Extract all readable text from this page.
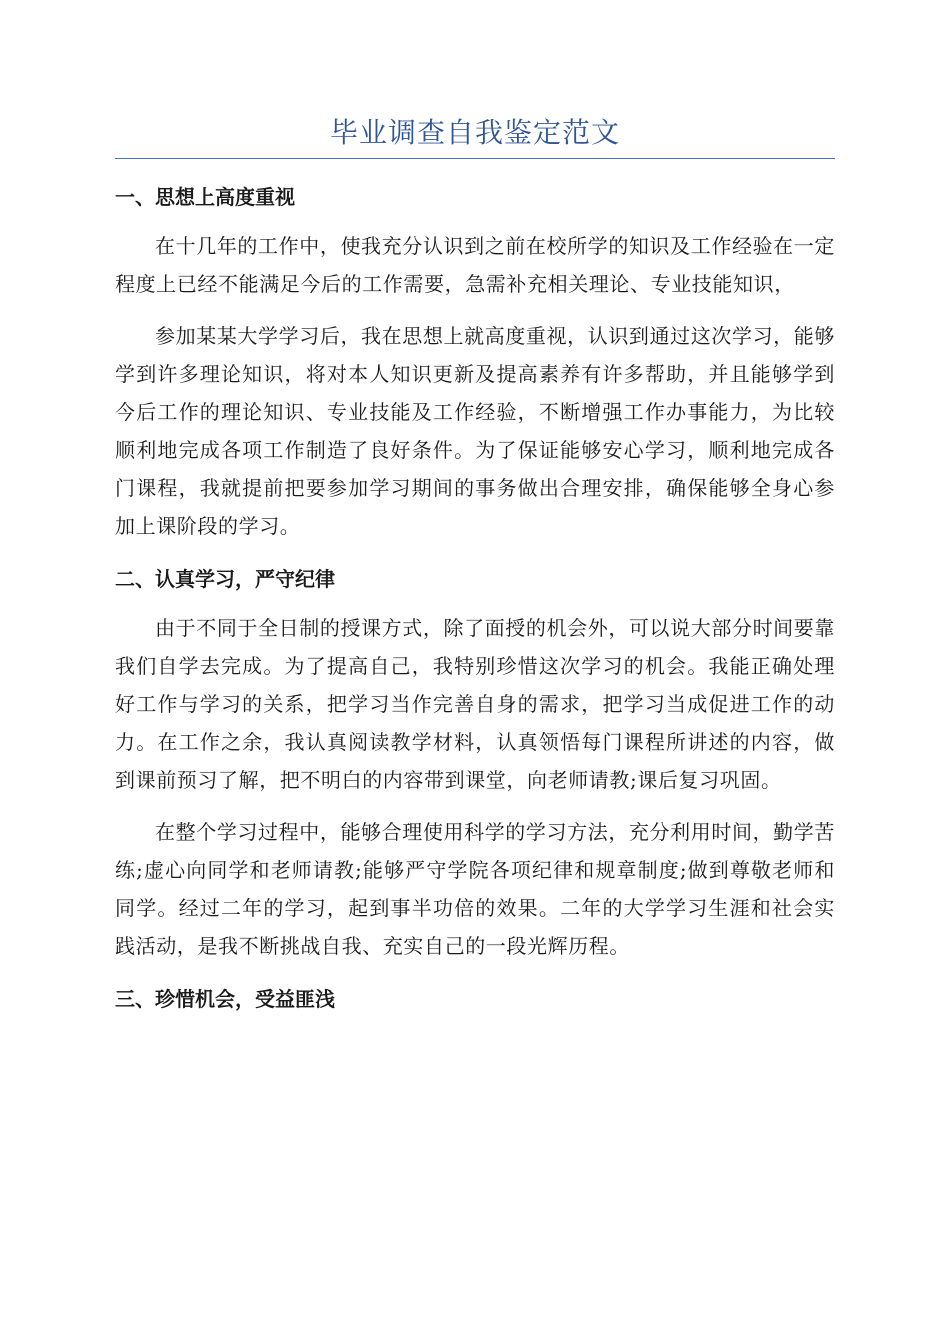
毕业调查自我鉴定范文
一、思想上高度重视

在十几年的工作中，使我充分认识到之前在校所学的知识及工作经验在一定程度上已经不能满足今后的工作需要，急需补充相关理论、专业技能知识，

参加某某大学学习后，我在思想上就高度重视，认识到通过这次学习，能够学到许多理论知识，将对本人知识更新及提高素养有许多帮助，并且能够学到今后工作的理论知识、专业技能及工作经验，不断增强工作办事能力，为比较顺利地完成各项工作制造了良好条件。为了保证能够安心学习，顺利地完成各门课程，我就提前把要参加学习期间的事务做出合理安排，确保能够全身心参加上课阶段的学习。

二、认真学习，严守纪律

由于不同于全日制的授课方式，除了面授的机会外，可以说大部分时间要靠我们自学去完成。为了提高自己，我特别珍惜这次学习的机会。我能正确处理好工作与学习的关系，把学习当作完善自身的需求，把学习当成促进工作的动力。在工作之余，我认真阅读教学材料，认真领悟每门课程所讲述的内容，做到课前预习了解，把不明白的内容带到课堂，向老师请教;课后复习巩固。

在整个学习过程中，能够合理使用科学的学习方法，充分利用时间，勤学苦练;虚心向同学和老师请教;能够严守学院各项纪律和规章制度;做到尊敬老师和同学。经过二年的学习，起到事半功倍的效果。二年的大学学习生涯和社会实践活动，是我不断挑战自我、充实自己的一段光辉历程。

三、珍惜机会，受益匪浅
